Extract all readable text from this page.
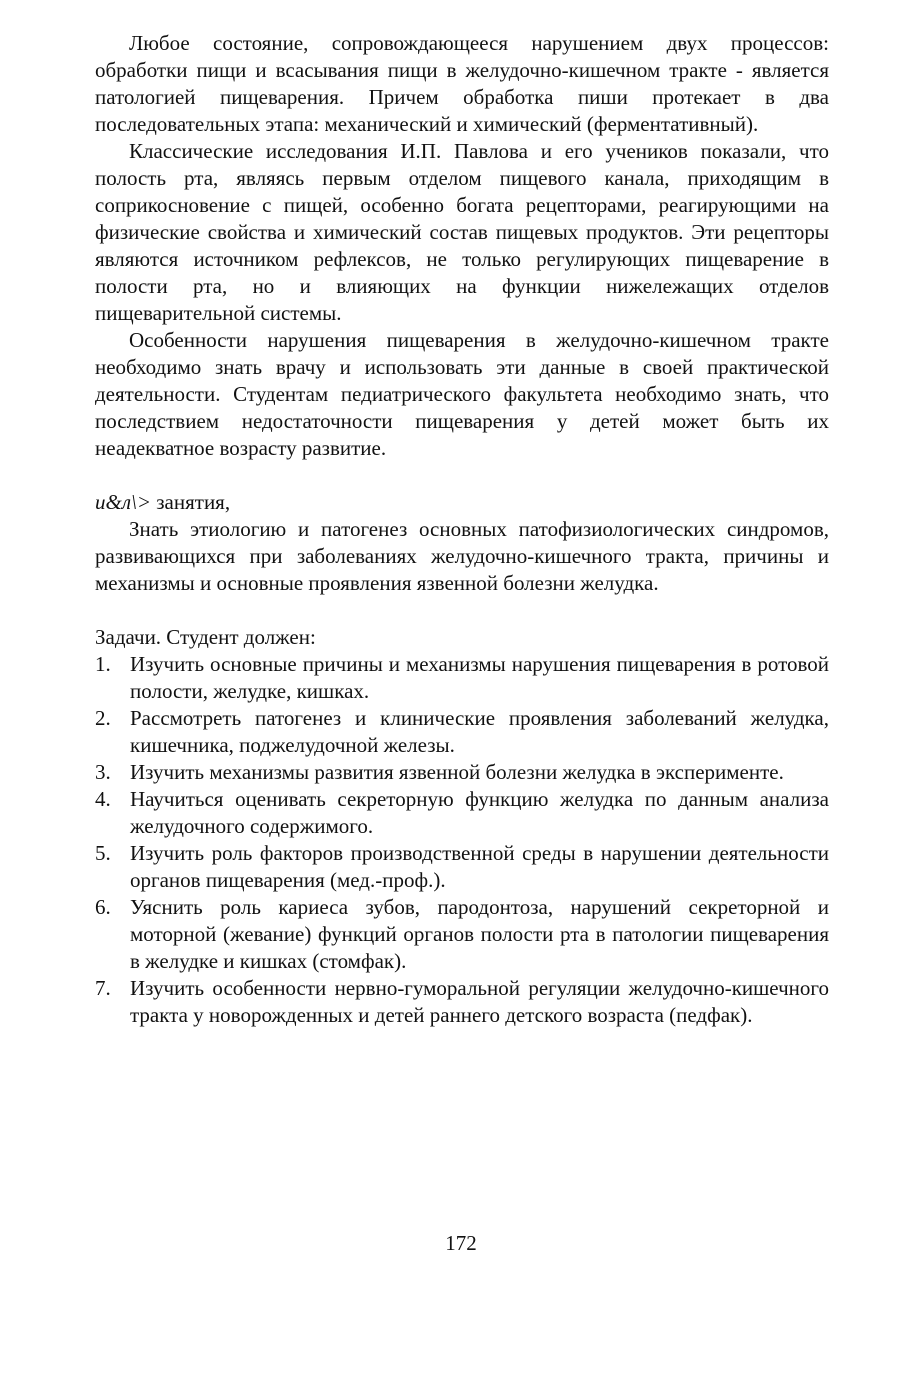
Любое состояние, сопровождающееся нарушением двух процессов: обработки пищи и всасывания пищи в желудочно-кишечном тракте - является патологией пищеварения. Причем обработка пиши протекает в два последовательных этапа: механический и химический (ферментативный).

Классические исследования И.П. Павлова и его учеников показали, что полость рта, являясь первым отделом пищевого канала, приходящим в соприкосновение с пищей, особенно богата рецепторами, реагирующими на физические свойства и химический состав пищевых продуктов. Эти рецепторы являются источником рефлексов, не только регулирующих пищеварение в полости рта, но и влияющих на функции нижележащих отделов пищеварительной системы.

Особенности нарушения пищеварения в желудочно-кишечном тракте необходимо знать врачу и использовать эти данные в своей практической деятельности. Студентам педиатрического факультета необходимо знать, что последствием недостаточности пищеварения у детей может быть их неадекватное возрасту развитие.

и&л\> занятия,

Знать этиологию и патогенез основных патофизиологических синдромов, развивающихся при заболеваниях желудочно-кишечного тракта, причины и механизмы и основные проявления язвенной болезни желудка.

Задачи. Студент должен:

1. Изучить основные причины и механизмы нарушения пищеварения в ротовой полости, желудке, кишках.
2. Рассмотреть патогенез и клинические проявления заболеваний желудка, кишечника, поджелудочной железы.
3. Изучить механизмы развития язвенной болезни желудка в эксперименте.
4. Научиться оценивать секреторную функцию желудка по данным анализа желудочного содержимого.
5. Изучить роль факторов производственной среды в нарушении деятельности органов пищеварения (мед.-проф.).
6. Уяснить роль кариеса зубов, пародонтоза, нарушений секреторной и моторной (жевание) функций органов полости рта в патологии пищеварения в желудке и кишках (стомфак).
7. Изучить особенности нервно-гуморальной регуляции желудочно-кишечного тракта у новорожденных и детей раннего детского возраста (педфак).
172
